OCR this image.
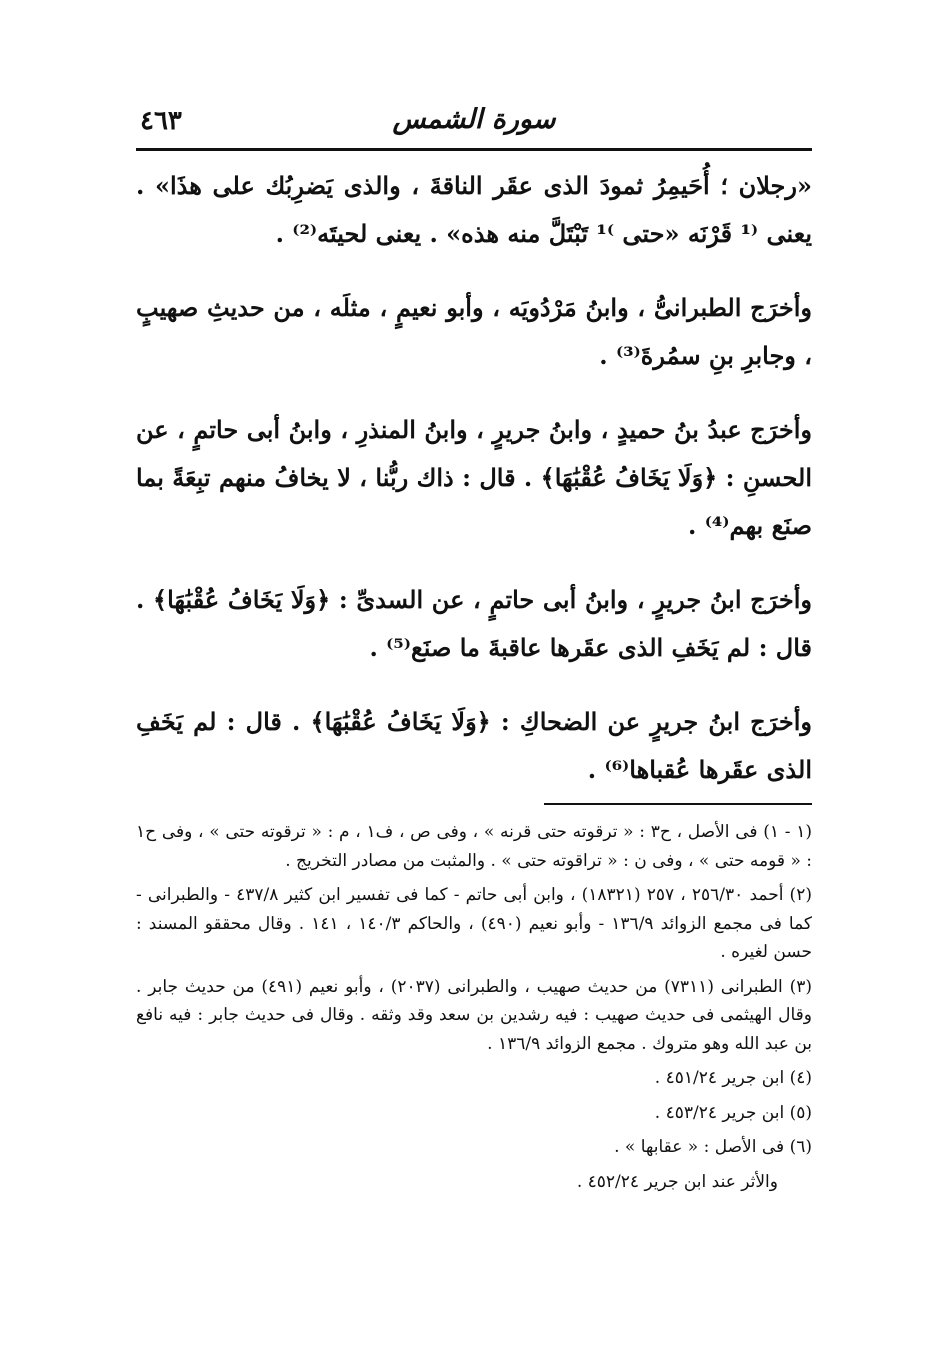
٤٦٣	سورة الشمس

«رجلان ؛ أُحَيمِرُ ثمودَ الذى عقَر الناقةَ ، والذى يَضرِبُك على هذَا» . يعنى ⁽¹ قَرْنَه «حتى ⁾¹ تَبْتَلَّ منه هذه» . يعنى لحيتَه⁽²⁾ .

وأخرَج الطبرانىُّ ، وابنُ مَرْدُويَه ، وأبو نعيمٍ ، مثلَه ، من حديثِ صهيبٍ ، وجابرِ بنِ سمُرةَ⁽³⁾ .

وأخرَج عبدُ بنُ حميدٍ ، وابنُ جريرٍ ، وابنُ المنذرِ ، وابنُ أبى حاتمٍ ، عن الحسنِ : ﴿وَلَا يَخَافُ عُقْبَٰهَا﴾ . قال : ذاك ربُّنا ، لا يخافُ منهم تبِعَةً بما صنَع بهم⁽⁴⁾ .

وأخرَج ابنُ جريرٍ ، وابنُ أبى حاتمٍ ، عن السدىِّ : ﴿وَلَا يَخَافُ عُقْبَٰهَا﴾ . قال : لم يَخَفِ الذى عقَرها عاقبةَ ما صنَع⁽⁵⁾ .

وأخرَج ابنُ جريرٍ عن الضحاكِ : ﴿وَلَا يَخَافُ عُقْبَٰهَا﴾ . قال : لم يَخَفِ الذى عقَرها عُقباها⁽⁶⁾ .

(١ - ١) فى الأصل ، ح٣ : « ترقوته حتى قرنه » ، وفى ص ، ف١ ، م : « ترقوته حتى » ، وفى ح١ : « قومه حتى » ، وفى ن : « تراقوته حتى » . والمثبت من مصادر التخريج .

(٢) أحمد ٢٥٦/٣٠ ، ٢٥٧ (١٨٣٢١) ، وابن أبى حاتم - كما فى تفسير ابن كثير ٤٣٧/٨ - والطبرانى - كما فى مجمع الزوائد ١٣٦/٩ - وأبو نعيم (٤٩٠) ، والحاكم ١٤٠/٣ ، ١٤١ . وقال محققو المسند : حسن لغيره .

(٣) الطبرانى (٧٣١١) من حديث صهيب ، والطبرانى (٢٠٣٧) ، وأبو نعيم (٤٩١) من حديث جابر . وقال الهيثمى فى حديث صهيب : فيه رشدين بن سعد وقد وثقه . وقال فى حديث جابر : فيه نافع بن عبد الله وهو متروك . مجمع الزوائد ١٣٦/٩ .

(٤) ابن جرير ٤٥١/٢٤ .

(٥) ابن جرير ٤٥٣/٢٤ .

(٦) فى الأصل : « عقابها » .

والأثر عند ابن جرير ٤٥٢/٢٤ .
